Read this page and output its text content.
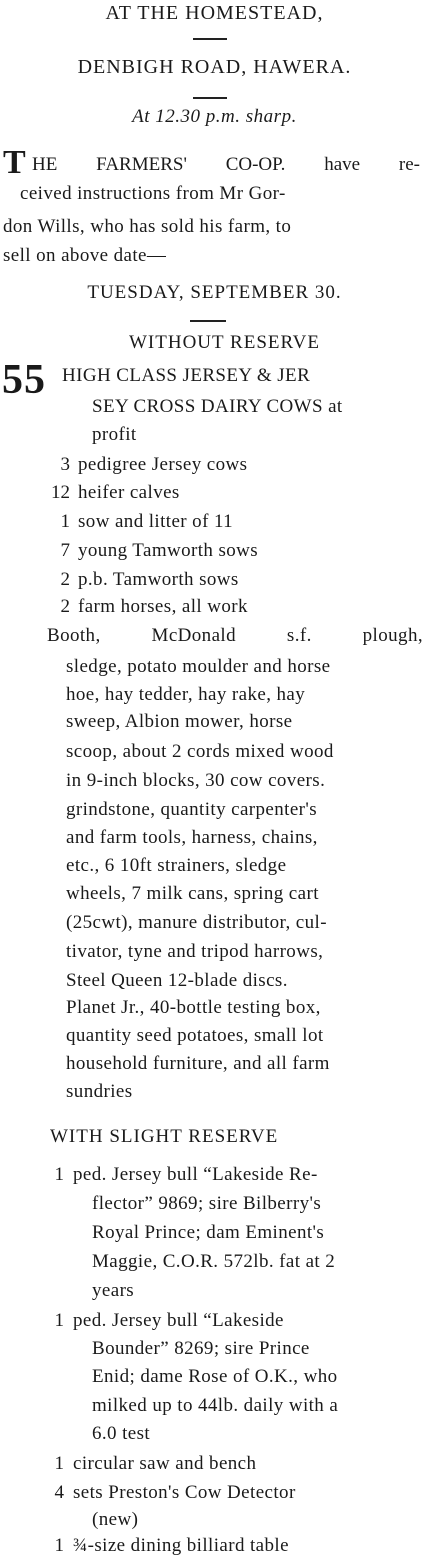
AT THE HOMESTEAD,
DENBIGH ROAD, HAWERA.
At 12.30 p.m. sharp.
T HE FARMERS' CO-OP. have re-
ceived instructions from Mr Gor-
don Wills, who has sold his farm, to
sell on above date—
TUESDAY, SEPTEMBER 30.
WITHOUT RESERVE
55 HIGH CLASS JERSEY & JER
SEY CROSS DAIRY COWS at
profit
3 pedigree Jersey cows
12 heifer calves
1 sow and litter of 11
7 young Tamworth sows
2 p.b. Tamworth sows
2 farm horses, all work
Booth, McDonald s.f. plough,
sledge, potato moulder and horse
hoe, hay tedder, hay rake, hay
sweep, Albion mower, horse
scoop, about 2 cords mixed wood
in 9-inch blocks, 30 cow covers.
grindstone, quantity carpenter's
and farm tools, harness, chains,
etc., 6 10ft strainers, sledge
wheels, 7 milk cans, spring cart
(25cwt), manure distributor, cul-
tivator, tyne and tripod harrows,
Steel Queen 12-blade discs.
Planet Jr., 40-bottle testing box,
quantity seed potatoes, small lot
household furniture, and all farm
sundries
WITH SLIGHT RESERVE
1 ped. Jersey bull “Lakeside Re-
flector” 9869; sire Bilberry's
Royal Prince; dam Eminent's
Maggie, C.O.R. 572lb. fat at 2
years
1 ped. Jersey bull “Lakeside
Bounder” 8269; sire Prince
Enid; dame Rose of O.K., who
milked up to 44lb. daily with a
6.0 test
1 circular saw and bench
4 sets Preston's Cow Detector
(new)
1 ¾-size dining billiard table
